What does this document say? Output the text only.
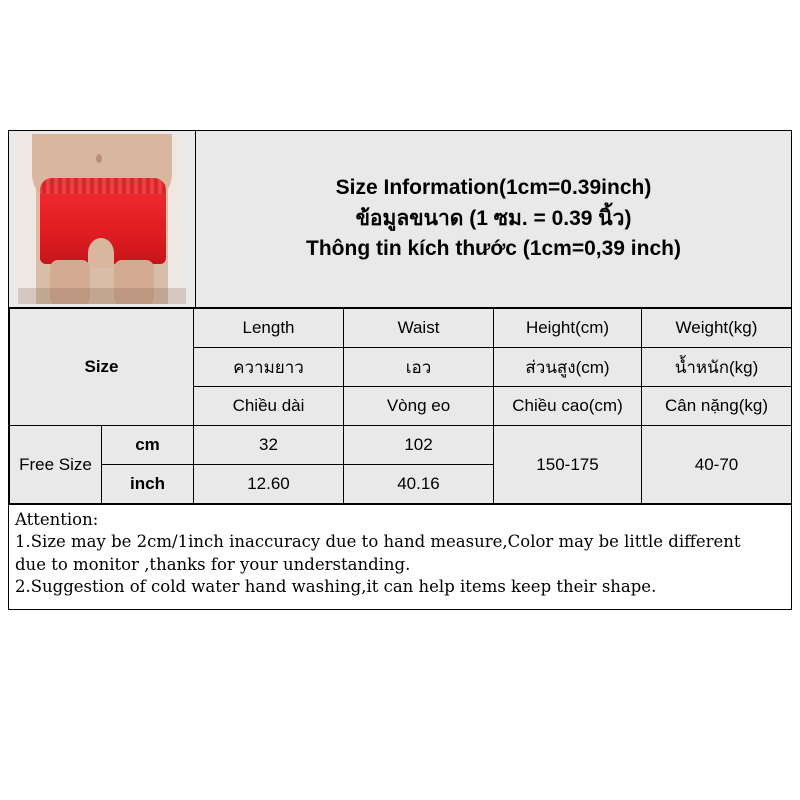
Size Information(1cm=0.39inch)
ข้อมูลขนาด (1 ซม. = 0.39 นิ้ว)
Thông tin kích thước (1cm=0,39 inch)
Size		Length	Waist	Height(cm)	Weight(kg)
		ความยาว	เอว	ส่วนสูง(cm)	น้ำหนัก(kg)
		Chiều dài	Vòng eo	Chiều cao(cm)	Cân nặng(kg)
Free Size	cm	32	102	150-175	40-70
	inch	12.60	40.16		

Attention:

1.Size may be 2cm/1inch inaccuracy due to hand measure,Color may be little different

due to monitor ,thanks for your understanding.

2.Suggestion of cold water hand washing,it can help items keep their shape.
